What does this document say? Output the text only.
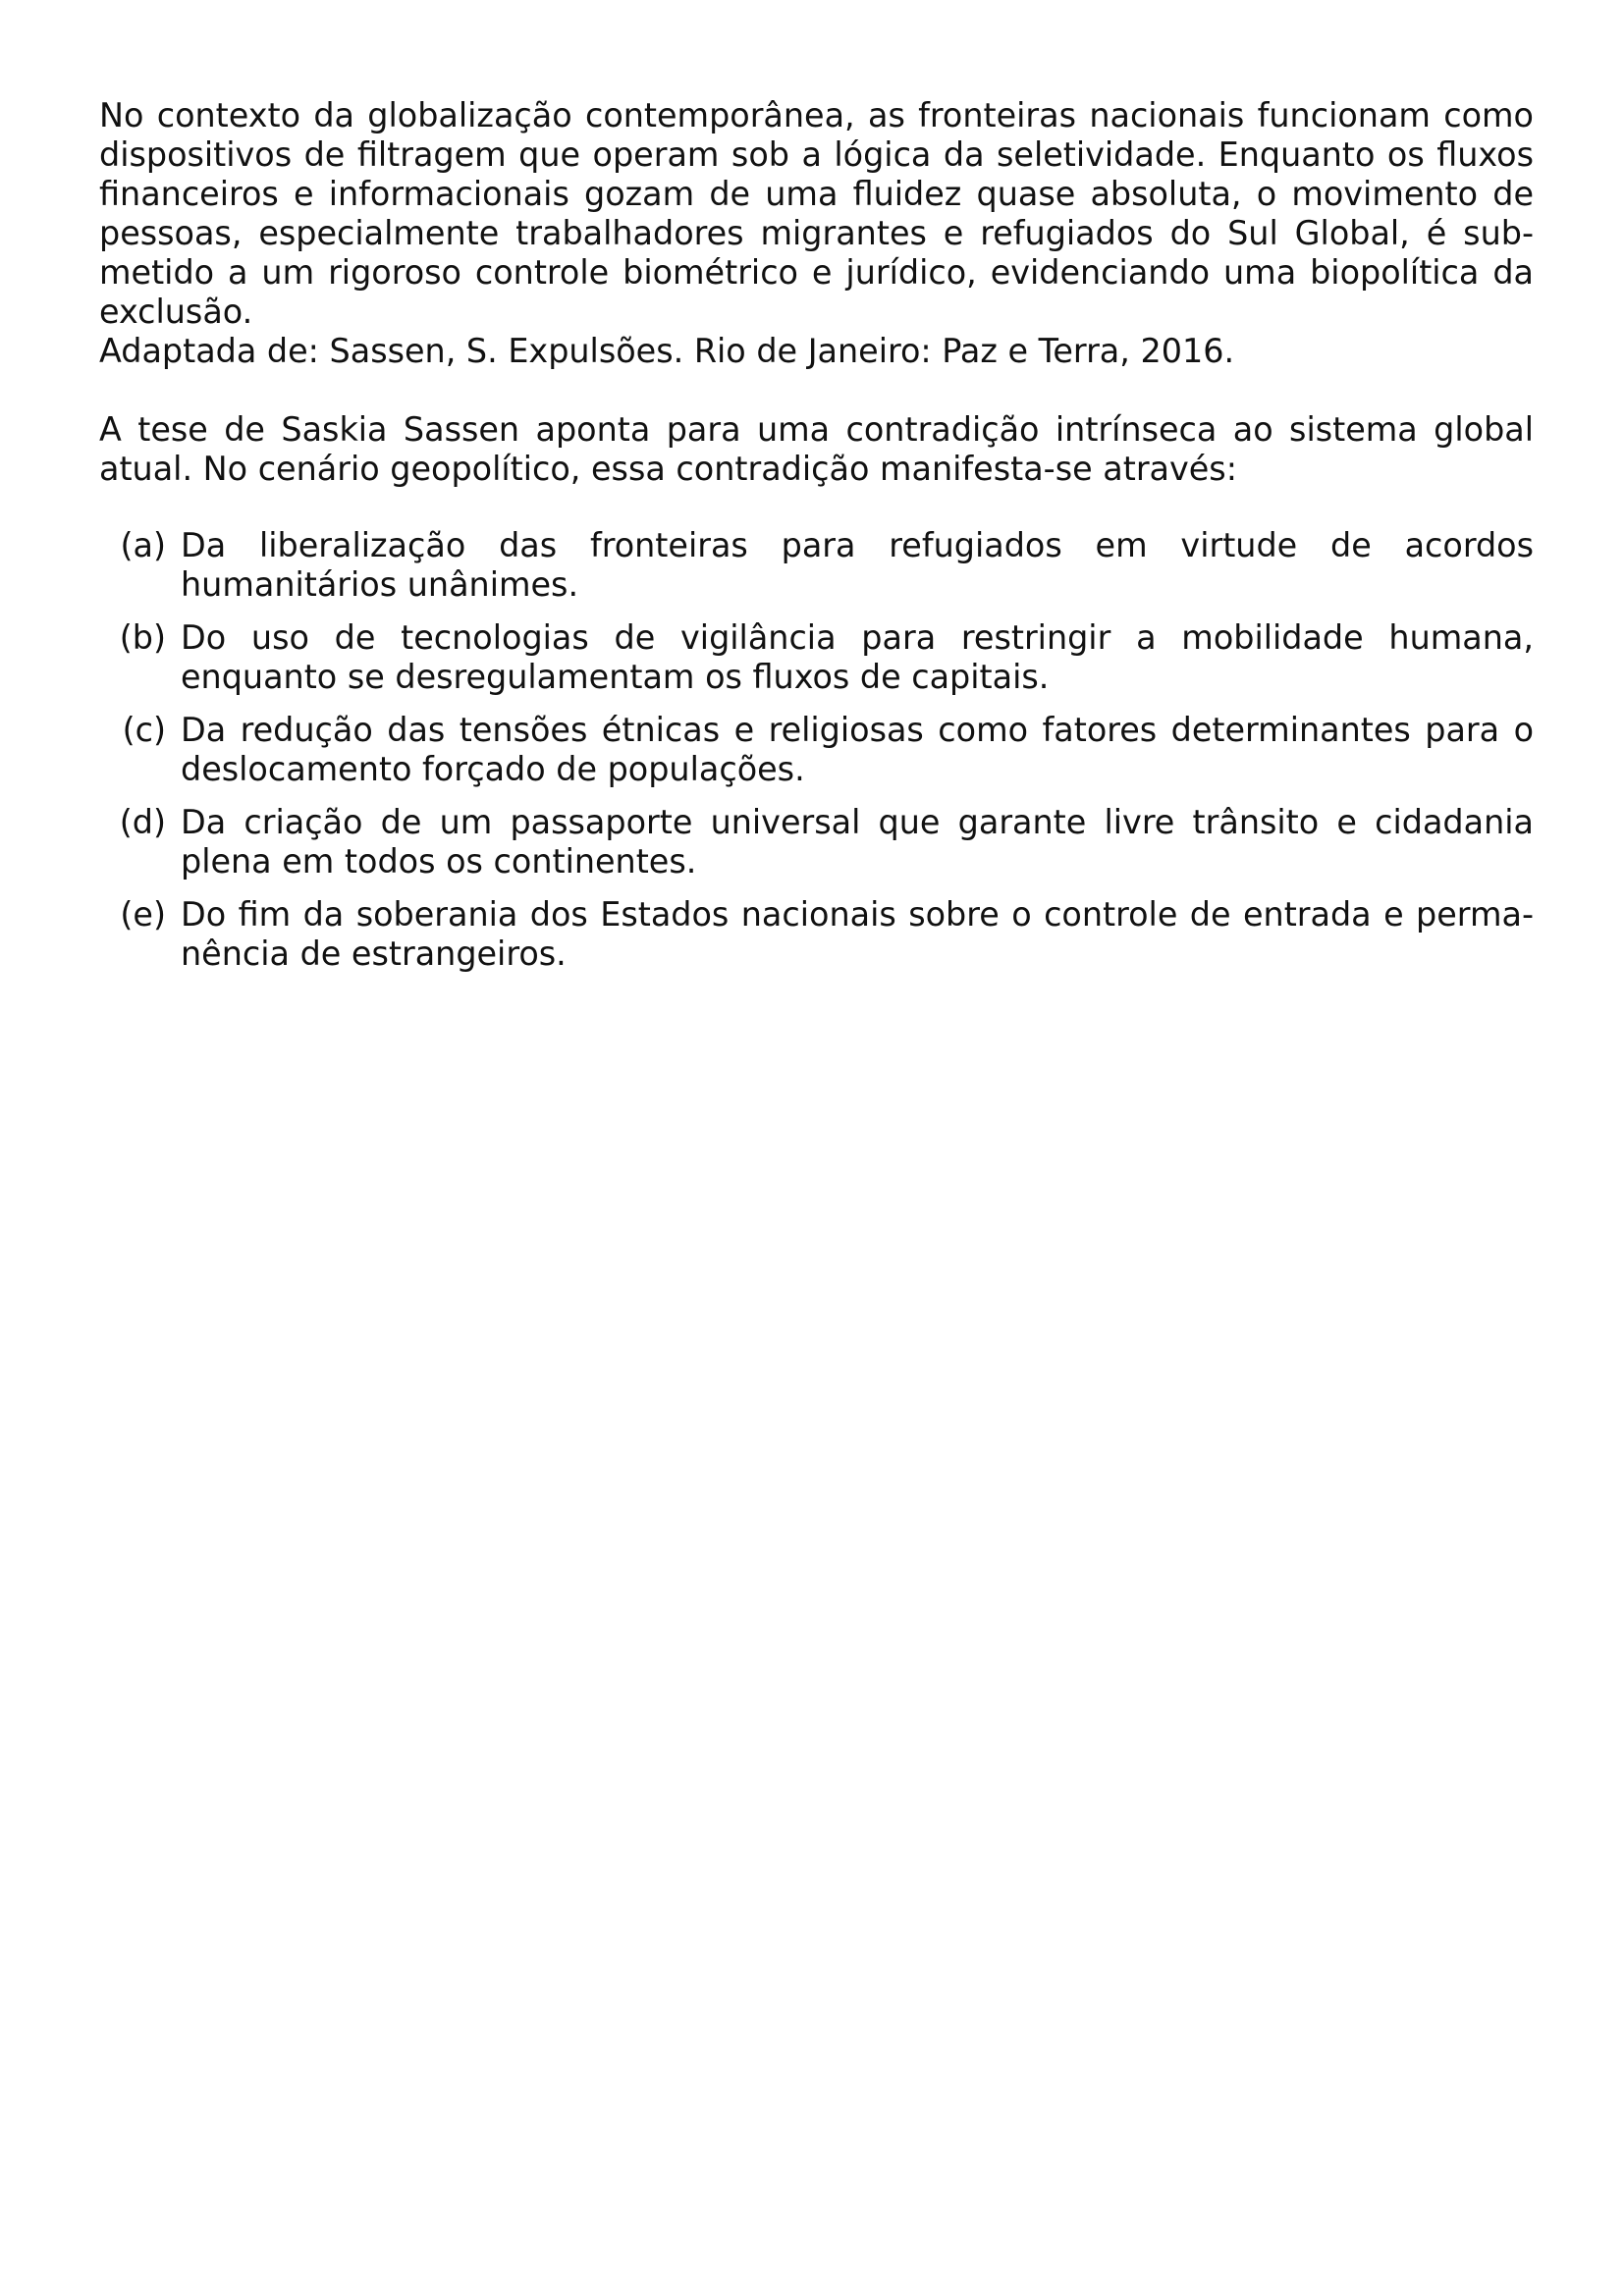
No contexto da globalização contemporânea, as fronteiras nacionais funcionam como dispositivos de filtragem que operam sob a lógica da seletividade. Enquanto os fluxos financeiros e informacionais gozam de uma fluidez quase absoluta, o movimento de pessoas, especialmente trabalhadores migrantes e refugiados do Sul Global, é submetido a um rigoroso controle biométrico e jurídico, evidenciando uma biopolítica da exclusão.

Adaptada de: Sassen, S. Expulsões. Rio de Janeiro: Paz e Terra, 2016.

A tese de Saskia Sassen aponta para uma contradição intrínseca ao sistema global atual. No cenário geopolítico, essa contradição manifesta-se através:

(a) Da liberalização das fronteiras para refugiados em virtude de acordos humanitários unânimes.
(b) Do uso de tecnologias de vigilância para restringir a mobilidade humana, enquanto se desregulamentam os fluxos de capitais.
(c) Da redução das tensões étnicas e religiosas como fatores determinantes para o deslocamento forçado de populações.
(d) Da criação de um passaporte universal que garante livre trânsito e cidadania plena em todos os continentes.
(e) Do fim da soberania dos Estados nacionais sobre o controle de entrada e permanência de estrangeiros.
